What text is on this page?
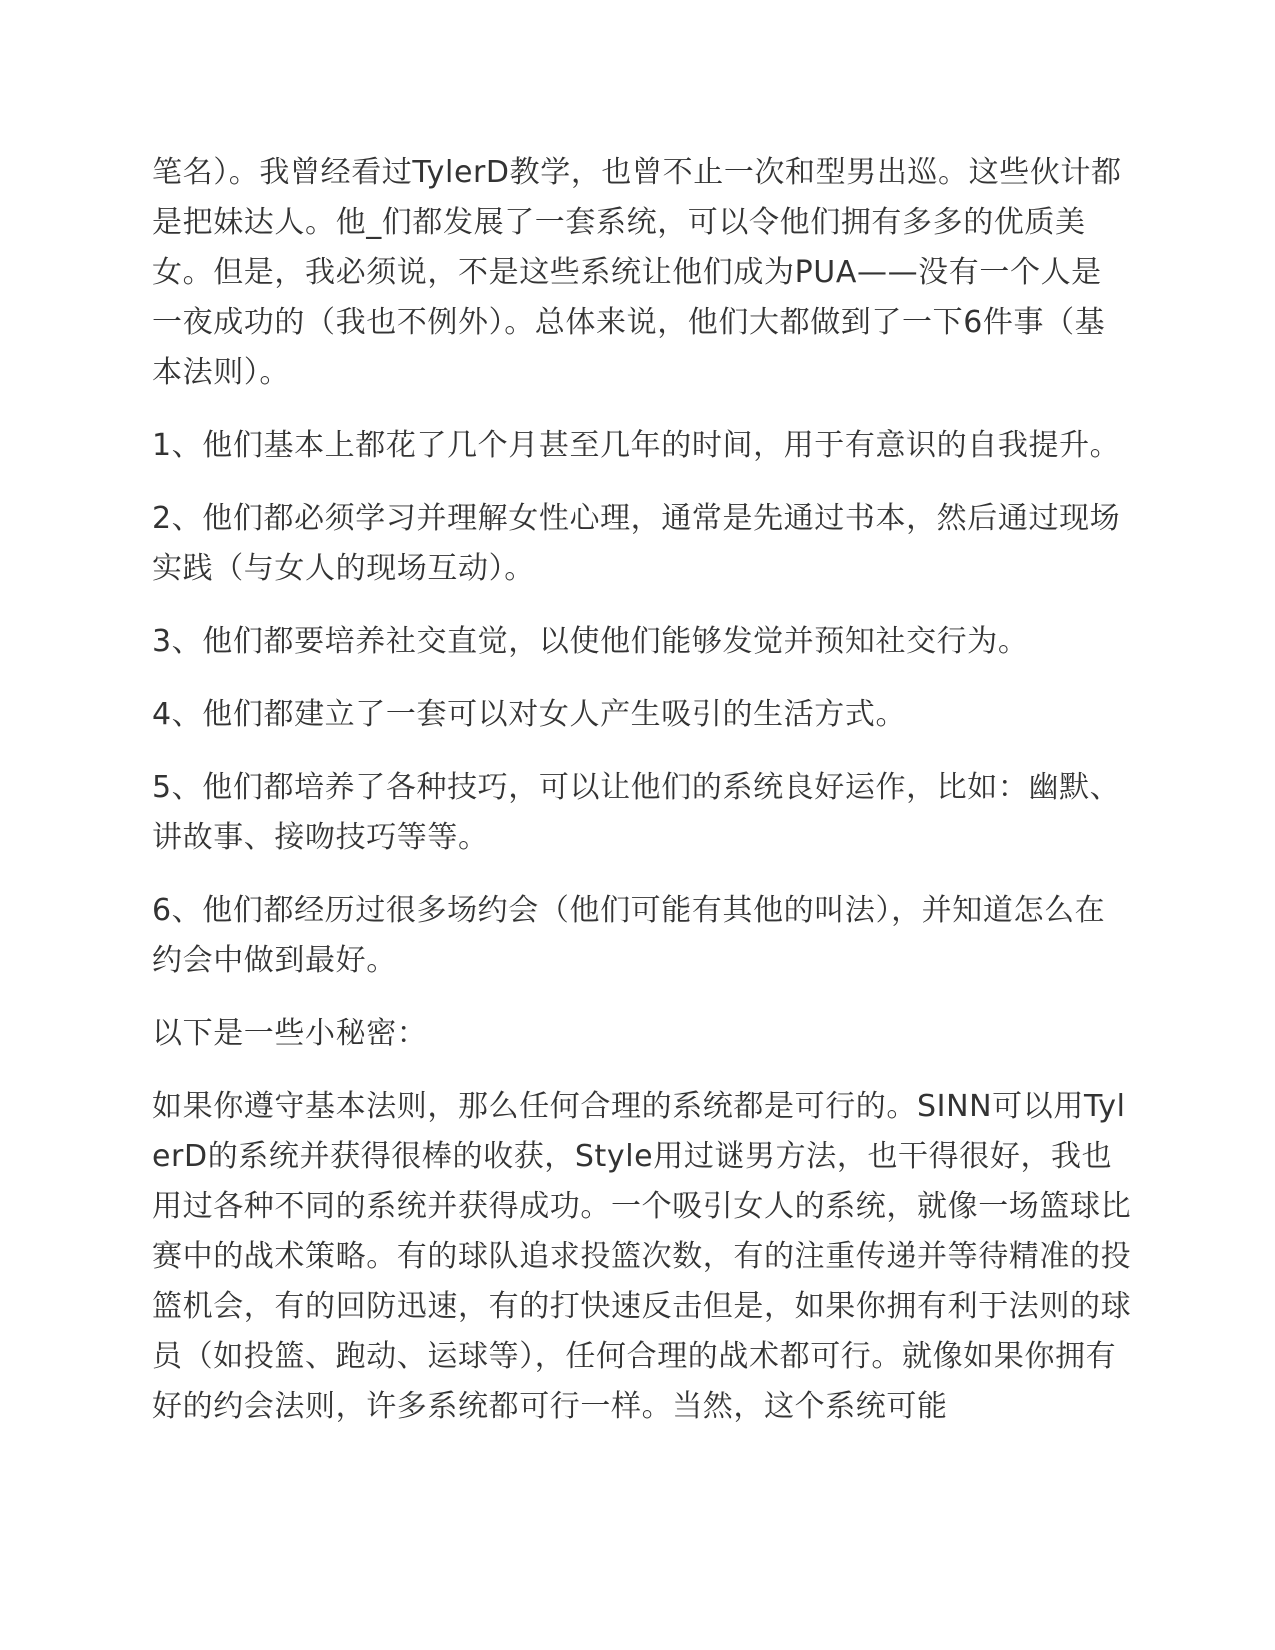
笔名）。我曾经看过TylerD教学，也曾不止一次和型男出巡。这些伙计都是把妹达人。他_们都发展了一套系统，可以令他们拥有多多的优质美女。但是，我必须说，不是这些系统让他们成为PUA——没有一个人是一夜成功的（我也不例外）。总体来说，他们大都做到了一下6件事（基本法则）。

1、他们基本上都花了几个月甚至几年的时间，用于有意识的自我提升。

2、他们都必须学习并理解女性心理，通常是先通过书本，然后通过现场实践（与女人的现场互动）。

3、他们都要培养社交直觉，以使他们能够发觉并预知社交行为。

4、他们都建立了一套可以对女人产生吸引的生活方式。

5、他们都培养了各种技巧，可以让他们的系统良好运作，比如：幽默、讲故事、接吻技巧等等。

6、他们都经历过很多场约会（他们可能有其他的叫法），并知道怎么在约会中做到最好。

以下是一些小秘密：

如果你遵守基本法则，那么任何合理的系统都是可行的。SINN可以用TylerD的系统并获得很棒的收获，Style用过谜男方法，也干得很好，我也用过各种不同的系统并获得成功。一个吸引女人的系统，就像一场篮球比赛中的战术策略。有的球队追求投篮次数，有的注重传递并等待精准的投篮机会，有的回防迅速，有的打快速反击但是，如果你拥有利于法则的球员（如投篮、跑动、运球等），任何合理的战术都可行。就像如果你拥有好的约会法则，许多系统都可行一样。当然，这个系统可能
